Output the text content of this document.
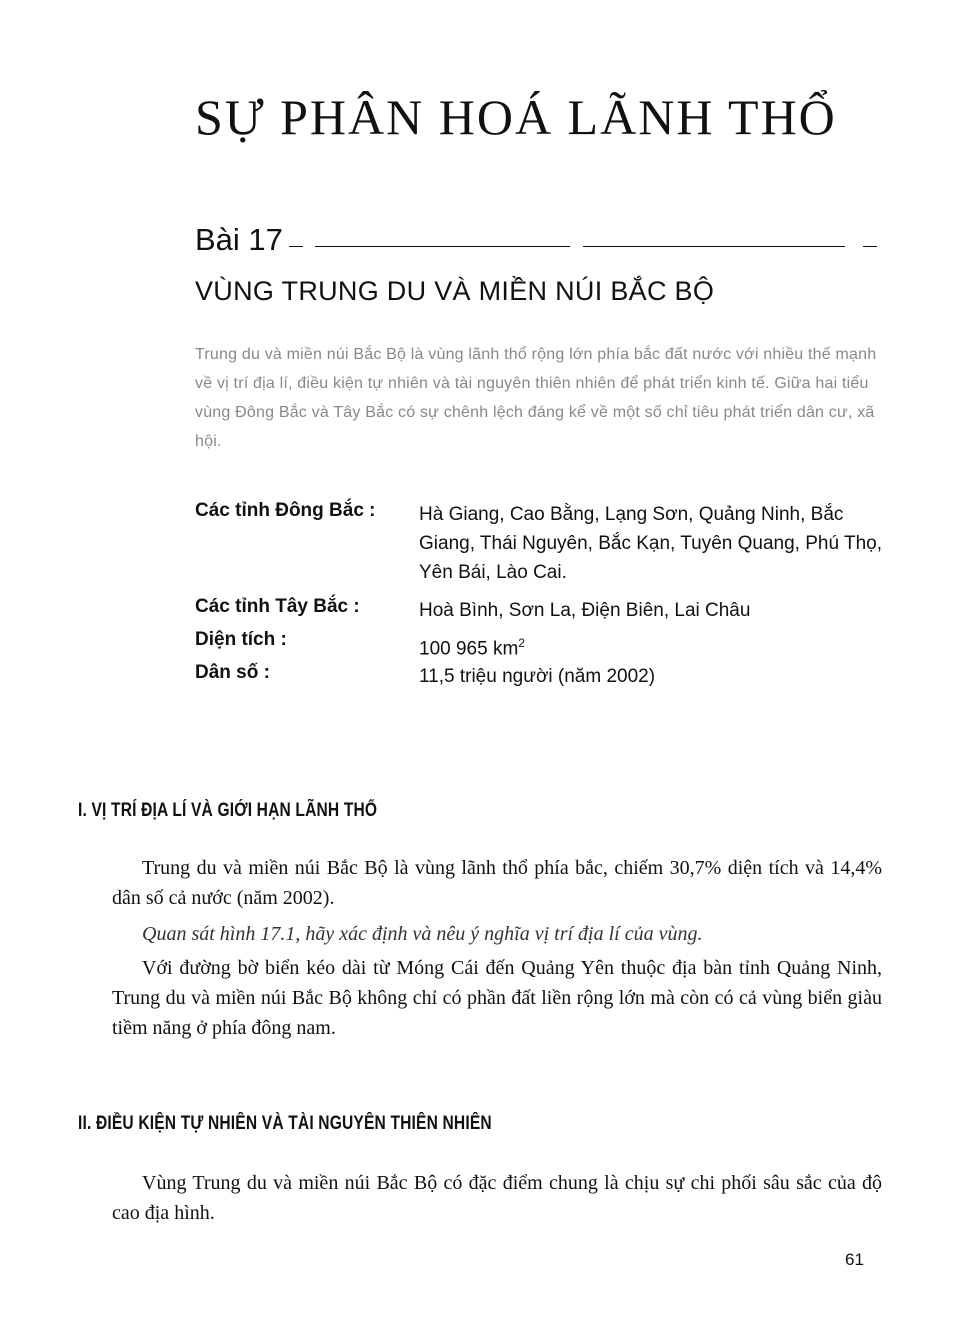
SỰ PHÂN HOÁ LÃNH THỔ
Bài 17
VÙNG TRUNG DU VÀ MIỀN NÚI BẮC BỘ
Trung du và miền núi Bắc Bộ là vùng lãnh thổ rộng lớn phía bắc đất nước với nhiều thế mạnh về vị trí địa lí, điều kiện tự nhiên và tài nguyên thiên nhiên để phát triển kinh tế. Giữa hai tiểu vùng Đông Bắc và Tây Bắc có sự chênh lệch đáng kể về một số chỉ tiêu phát triển dân cư, xã hội.
Các tỉnh Đông Bắc : Hà Giang, Cao Bằng, Lạng Sơn, Quảng Ninh, Bắc Giang, Thái Nguyên, Bắc Kạn, Tuyên Quang, Phú Thọ, Yên Bái, Lào Cai.
Các tỉnh Tây Bắc :	Hoà Bình, Sơn La, Điện Biên, Lai Châu
Diện tích :	100 965 $km^2$
Dân số :	11,5 triệu người (năm 2002)
I. VỊ TRÍ ĐỊA LÍ VÀ GIỚI HẠN LÃNH THỔ

Trung du và miền núi Bắc Bộ là vùng lãnh thổ phía bắc, chiếm 30,7% diện tích và 14,4% dân số cả nước (năm 2002).

Quan sát hình 17.1, hãy xác định và nêu ý nghĩa vị trí địa lí của vùng.

Với đường bờ biển kéo dài từ Móng Cái đến Quảng Yên thuộc địa bàn tỉnh Quảng Ninh, Trung du và miền núi Bắc Bộ không chỉ có phần đất liền rộng lớn mà còn có cả vùng biển giàu tiềm năng ở phía đông nam.

II. ĐIỀU KIỆN TỰ NHIÊN VÀ TÀI NGUYÊN THIÊN NHIÊN

Vùng Trung du và miền núi Bắc Bộ có đặc điểm chung là chịu sự chi phối sâu sắc của độ cao địa hình.

61
